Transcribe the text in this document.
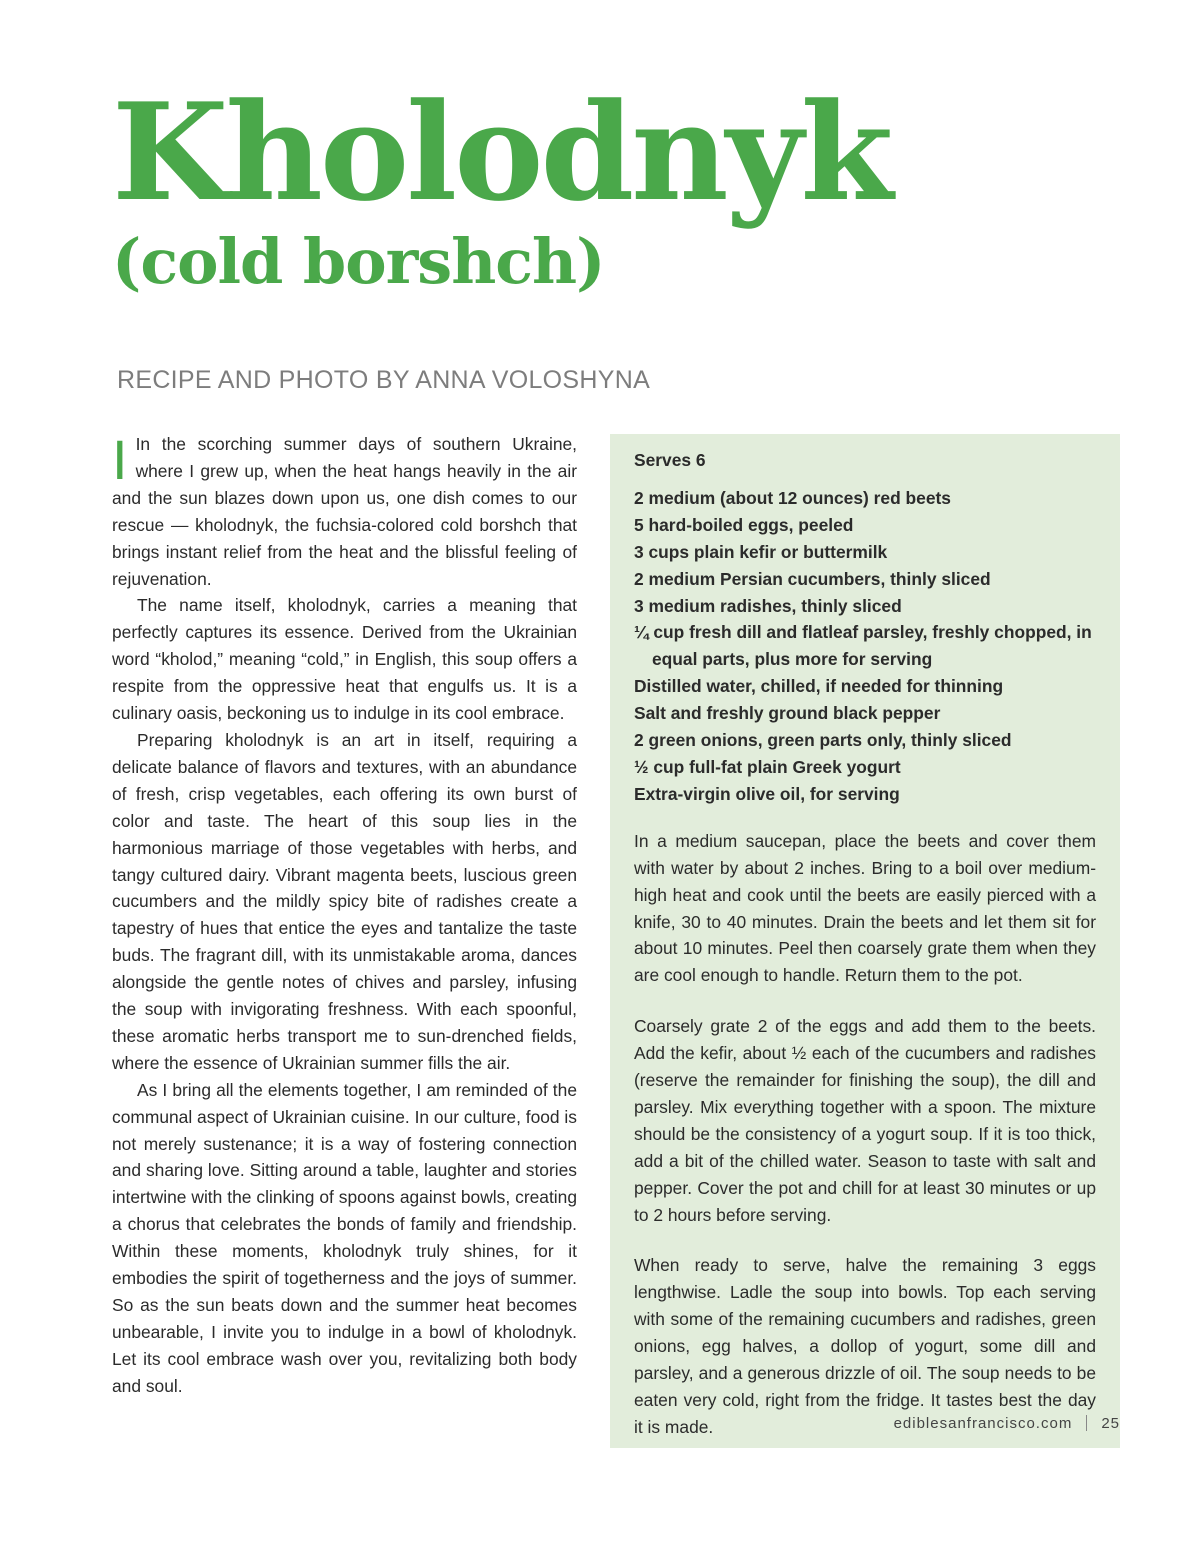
Kholodnyk
(cold borshch)
RECIPE AND PHOTO BY ANNA VOLOSHYNA

I In the scorching summer days of southern Ukraine, where I grew up, when the heat hangs heavily in the air and the sun blazes down upon us, one dish comes to our rescue — kholodnyk, the fuchsia-colored cold borshch that brings instant relief from the heat and the blissful feeling of rejuvenation.

The name itself, kholodnyk, carries a meaning that perfectly captures its essence. Derived from the Ukrainian word “kholod,” meaning “cold,” in English, this soup offers a respite from the oppressive heat that engulfs us. It is a culinary oasis, beckoning us to indulge in its cool embrace.

Preparing kholodnyk is an art in itself, requiring a delicate balance of flavors and textures, with an abundance of fresh, crisp vegetables, each offering its own burst of color and taste. The heart of this soup lies in the harmonious marriage of those vegetables with herbs, and tangy cultured dairy. Vibrant magenta beets, luscious green cucumbers and the mildly spicy bite of radishes create a tapestry of hues that entice the eyes and tantalize the taste buds. The fragrant dill, with its unmistakable aroma, dances alongside the gentle notes of chives and parsley, infusing the soup with invigorating freshness. With each spoonful, these aromatic herbs transport me to sun-drenched fields, where the essence of Ukrainian summer fills the air.

As I bring all the elements together, I am reminded of the communal aspect of Ukrainian cuisine. In our culture, food is not merely sustenance; it is a way of fostering connection and sharing love. Sitting around a table, laughter and stories intertwine with the clinking of spoons against bowls, creating a chorus that celebrates the bonds of family and friendship. Within these moments, kholodnyk truly shines, for it embodies the spirit of togetherness and the joys of summer. So as the sun beats down and the summer heat becomes unbearable, I invite you to indulge in a bowl of kholodnyk. Let its cool embrace wash over you, revitalizing both body and soul.

Serves 6
2 medium (about 12 ounces) red beets
5 hard-boiled eggs, peeled
3 cups plain kefir or buttermilk
2 medium Persian cucumbers, thinly sliced
3 medium radishes, thinly sliced
¼ cup fresh dill and flatleaf parsley, freshly chopped, in equal parts, plus more for serving
Distilled water, chilled, if needed for thinning
Salt and freshly ground black pepper
2 green onions, green parts only, thinly sliced
½ cup full-fat plain Greek yogurt
Extra-virgin olive oil, for serving

In a medium saucepan, place the beets and cover them with water by about 2 inches. Bring to a boil over medium-high heat and cook until the beets are easily pierced with a knife, 30 to 40 minutes. Drain the beets and let them sit for about 10 minutes. Peel then coarsely grate them when they are cool enough to handle. Return them to the pot.

Coarsely grate 2 of the eggs and add them to the beets. Add the kefir, about ½ each of the cucumbers and radishes (reserve the remainder for finishing the soup), the dill and parsley. Mix everything together with a spoon. The mixture should be the consistency of a yogurt soup. If it is too thick, add a bit of the chilled water. Season to taste with salt and pepper. Cover the pot and chill for at least 30 minutes or up to 2 hours before serving.

When ready to serve, halve the remaining 3 eggs lengthwise. Ladle the soup into bowls. Top each serving with some of the remaining cucumbers and radishes, green onions, egg halves, a dollop of yogurt, some dill and parsley, and a generous drizzle of oil. The soup needs to be eaten very cold, right from the fridge. It tastes best the day it is made.	ediblesanfrancisco.com 25
